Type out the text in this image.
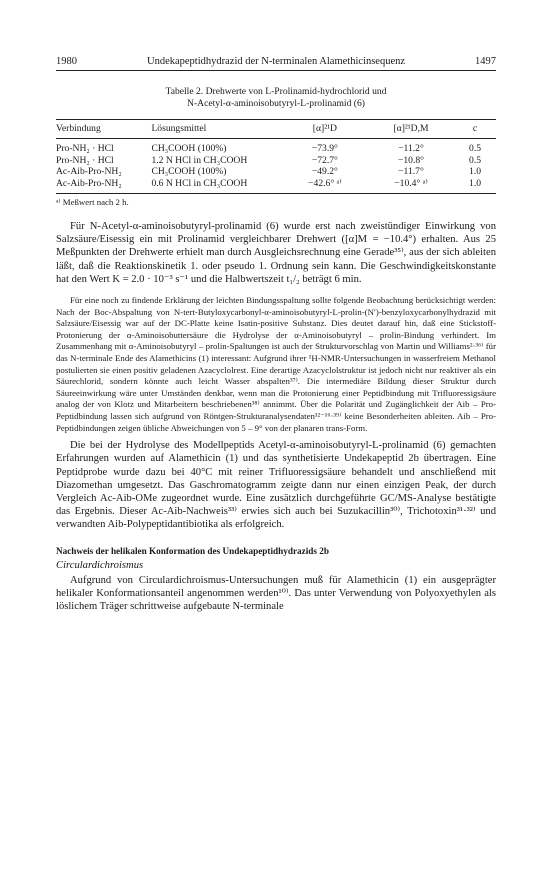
1980	Undekapeptidhydrazid der N-terminalen Alamethicinsequenz	1497
Tabelle 2. Drehwerte von L-Prolinamid-hydrochlorid und
N-Acetyl-α-aminoisobutyryl-L-prolinamid (6)
Verbindung	Lösungsmittel	[α]²¹D	[α]²¹D,M	c
Pro-NH₂ · HCl	CH₃COOH (100%)	−73.9°	−11.2°	0.5
Pro-NH₂ · HCl	1.2 N HCl in CH₃COOH	−72.7°	−10.8°	0.5
Ac-Aib-Pro-NH₂	CH₃COOH (100%)	−49.2°	−11.7°	1.0
Ac-Aib-Pro-NH₂	0.6 N HCl in CH₃COOH	−42.6° ᵃ⁾	−10.4° ᵃ⁾	1.0
ᵃ⁾ Meßwert nach 2 h.

Für N-Acetyl-α-aminoisobutyryl-prolinamid (6) wurde erst nach zweistündiger Einwirkung von Salzsäure/Eisessig ein mit Prolinamid vergleichbarer Drehwert ([α]M = −10.4°) erhalten. Aus 25 Meßpunkten der Drehwerte erhielt man durch Ausgleichsrechnung eine Gerade³⁵⁾, aus der sich ableiten läßt, daß die Reaktionskinetik 1. oder pseudo 1. Ordnung sein kann. Die Geschwindigkeitskonstante hat den Wert K = 2.0 · 10⁻³ s⁻¹ und die Halbwertszeit t₁/₂ beträgt 6 min.

Für eine noch zu findende Erklärung der leichten Bindungsspaltung sollte folgende Beobachtung berücksichtigt werden: Nach der Boc-Abspaltung von N-tert-Butyloxycarbonyl-α-aminoisobutyryl-L-prolin-(N′)-benzyloxycarbonylhydrazid mit Salzsäure/Eisessig war auf der DC-Platte keine Isatin-positive Substanz. Dies deutet darauf hin, daß eine Stickstoff-Protonierung der α-Aminoisobuttersäure die Hydrolyse der α-Aminoisobutyryl – prolin-Bindung verhindert. Im Zusammenhang mit α-Aminoisobutyryl – prolin-Spaltungen ist auch der Strukturvorschlag von Martin und Williams²·³⁶⁾ für das N-terminale Ende des Alamethicins (1) interessant: Aufgrund ihrer ¹H-NMR-Untersuchungen in wasserfreiem Methanol postulierten sie einen positiv geladenen Azacyclolrest. Eine derartige Azacyclolstruktur ist jedoch nicht nur reaktiver als ein Säurechlorid, sondern könnte auch leicht Wasser abspalten³⁷⁾. Die intermediäre Bildung dieser Struktur durch Säureeinwirkung wäre unter Umständen denkbar, wenn man die Protonierung einer Peptidbindung mit Trifluoressigsäure analog der von Klotz und Mitarbeitern beschriebenen³⁸⁾ annimmt. Über die Polarität und Zugänglichkeit der Aib – Pro-Peptidbindung lassen sich aufgrund von Röntgen-Strukturanalysendaten¹²⁻¹⁶·³⁹⁾ keine Besonderheiten ableiten. Aib – Pro-Peptidbindungen zeigen übliche Abweichungen von 5 – 9° von der planaren trans-Form.

Die bei der Hydrolyse des Modellpeptids Acetyl-α-aminoisobutyryl-L-prolinamid (6) gemachten Erfahrungen wurden auf Alamethicin (1) und das synthetisierte Undekapeptid 2b übertragen. Eine Peptidprobe wurde dazu bei 40°C mit reiner Trifluoressigsäure behandelt und anschließend mit Diazomethan umgesetzt. Das Gaschromatogramm zeigte dann nur einen einzigen Peak, der durch Vergleich Ac-Aib-OMe zugeordnet wurde. Eine zusätzlich durchgeführte GC/MS-Analyse bestätigte das Ergebnis. Dieser Ac-Aib-Nachweis³³⁾ erwies sich auch bei Suzukacillin³⁰⁾, Trichotoxin³¹·³²⁾ und verwandten Aib-Polypeptidantibiotika als erfolgreich.

Nachweis der helikalen Konformation des Undekapeptidhydrazids 2b
Circulardichroismus

Aufgrund von Circulardichroismus-Untersuchungen muß für Alamethicin (1) ein ausgeprägter helikaler Konformationsanteil angenommen werden¹⁰⁾. Das unter Verwendung von Polyoxyethylen als löslichem Träger schrittweise aufgebaute N-terminale
